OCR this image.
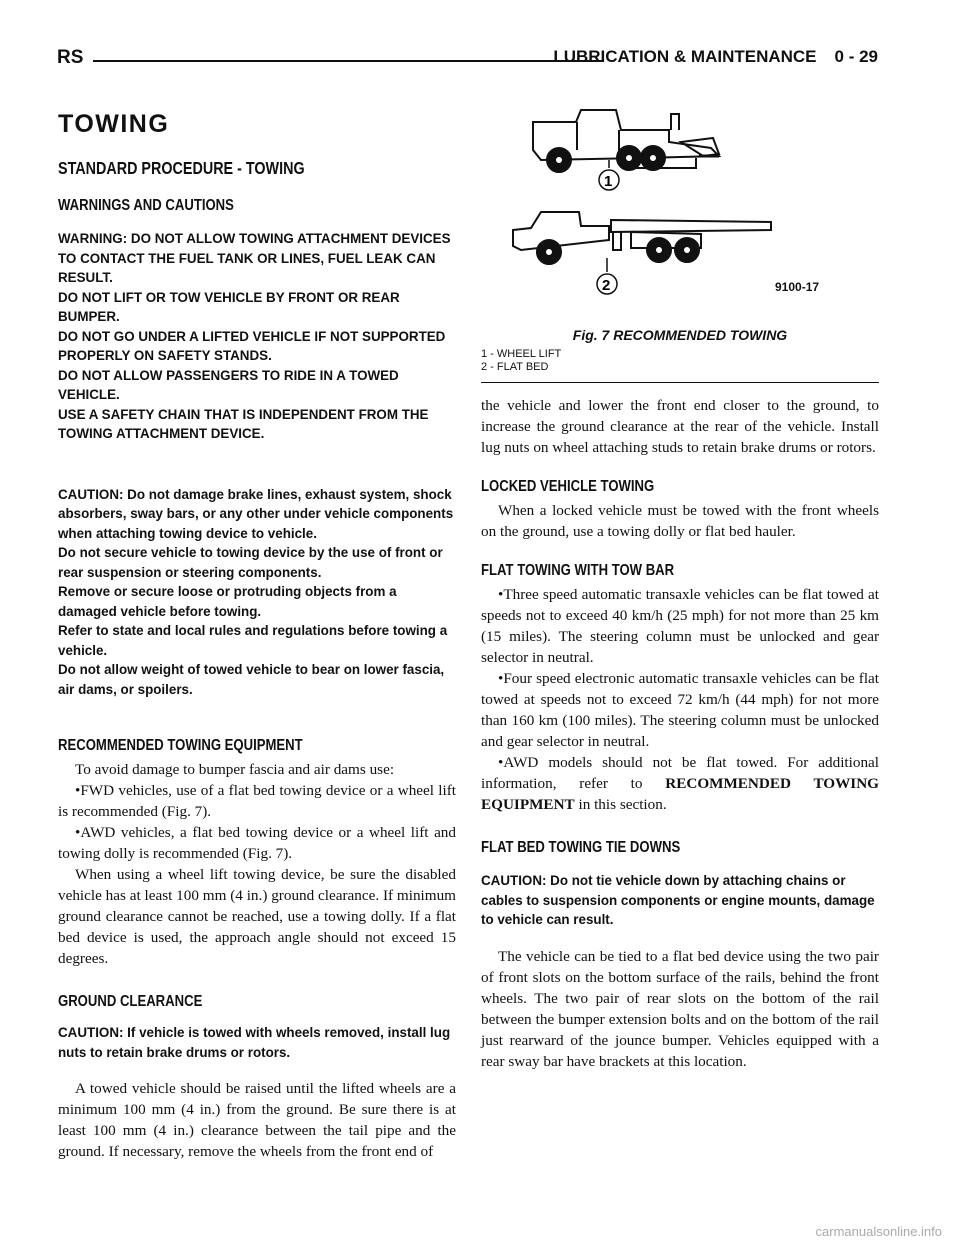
RS	LUBRICATION & MAINTENANCE 0 - 29
TOWING
STANDARD PROCEDURE - TOWING
WARNINGS AND CAUTIONS

WARNING: DO NOT ALLOW TOWING ATTACHMENT DEVICES TO CONTACT THE FUEL TANK OR LINES, FUEL LEAK CAN RESULT.

DO NOT LIFT OR TOW VEHICLE BY FRONT OR REAR BUMPER.

DO NOT GO UNDER A LIFTED VEHICLE IF NOT SUPPORTED PROPERLY ON SAFETY STANDS.

DO NOT ALLOW PASSENGERS TO RIDE IN A TOWED VEHICLE.

USE A SAFETY CHAIN THAT IS INDEPENDENT FROM THE TOWING ATTACHMENT DEVICE.

CAUTION: Do not damage brake lines, exhaust system, shock absorbers, sway bars, or any other under vehicle components when attaching towing device to vehicle.

Do not secure vehicle to towing device by the use of front or rear suspension or steering components.

Remove or secure loose or protruding objects from a damaged vehicle before towing.

Refer to state and local rules and regulations before towing a vehicle.

Do not allow weight of towed vehicle to bear on lower fascia, air dams, or spoilers.

RECOMMENDED TOWING EQUIPMENT

To avoid damage to bumper fascia and air dams use:

•FWD vehicles, use of a flat bed towing device or a wheel lift is recommended (Fig. 7).

•AWD vehicles, a flat bed towing device or a wheel lift and towing dolly is recommended (Fig. 7).

When using a wheel lift towing device, be sure the disabled vehicle has at least 100 mm (4 in.) ground clearance. If minimum ground clearance cannot be reached, use a towing dolly. If a flat bed device is used, the approach angle should not exceed 15 degrees.

GROUND CLEARANCE
CAUTION: If vehicle is towed with wheels removed, install lug nuts to retain brake drums or rotors.

A towed vehicle should be raised until the lifted wheels are a minimum 100 mm (4 in.) from the ground. Be sure there is at least 100 mm (4 in.) clearance between the tail pipe and the ground. If necessary, remove the wheels from the front end of

1
2	9100-17
Fig. 7 RECOMMENDED TOWING
1 - WHEEL LIFT
2 - FLAT BED

the vehicle and lower the front end closer to the ground, to increase the ground clearance at the rear of the vehicle. Install lug nuts on wheel attaching studs to retain brake drums or rotors.

LOCKED VEHICLE TOWING

When a locked vehicle must be towed with the front wheels on the ground, use a towing dolly or flat bed hauler.

FLAT TOWING WITH TOW BAR

•Three speed automatic transaxle vehicles can be flat towed at speeds not to exceed 40 km/h (25 mph) for not more than 25 km (15 miles). The steering column must be unlocked and gear selector in neutral.

•Four speed electronic automatic transaxle vehicles can be flat towed at speeds not to exceed 72 km/h (44 mph) for not more than 160 km (100 miles). The steering column must be unlocked and gear selector in neutral.

•AWD models should not be flat towed. For additional information, refer to RECOMMENDED TOWING EQUIPMENT in this section.

FLAT BED TOWING TIE DOWNS
CAUTION: Do not tie vehicle down by attaching chains or cables to suspension components or engine mounts, damage to vehicle can result.

The vehicle can be tied to a flat bed device using the two pair of front slots on the bottom surface of the rails, behind the front wheels. The two pair of rear slots on the bottom of the rail between the bumper extension bolts and on the bottom of the rail just rearward of the jounce bumper. Vehicles equipped with a rear sway bar have brackets at this location.

carmanualsonline.info
